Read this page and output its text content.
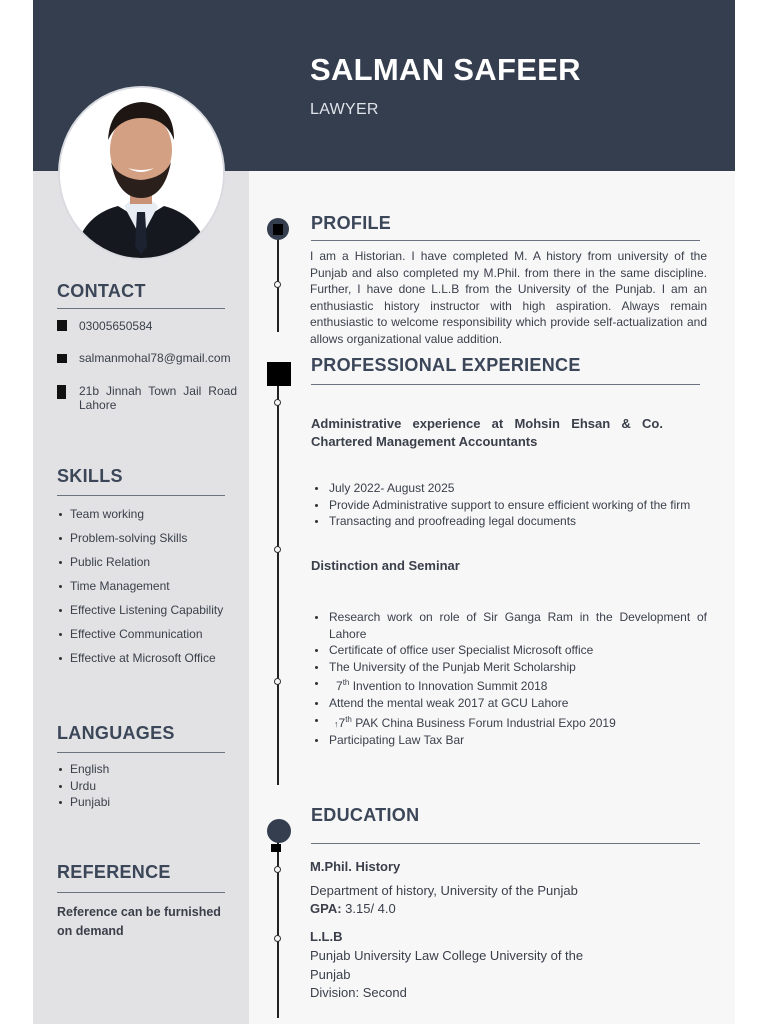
SALMAN SAFEER
LAWYER
CONTACT
03005650584
salmanmohal78@gmail.com
21b Jinnah Town Jail Road Lahore
SKILLS
Team working
Problem-solving Skills
Public Relation
Time Management
Effective Listening Capability
Effective Communication
Effective at Microsoft Office
LANGUAGES
English
Urdu
Punjabi
REFERENCE
Reference can be furnished on demand
PROFILE
I am a Historian. I have completed M. A history from university of the Punjab and also completed my M.Phil. from there in the same discipline. Further, I have done L.L.B from the University of the Punjab. I am an enthusiastic history instructor with high aspiration. Always remain enthusiastic to welcome responsibility which provide self-actualization and allows organizational value addition.
PROFESSIONAL EXPERIENCE
Administrative experience at Mohsin Ehsan & Co. Chartered Management Accountants
July 2022- August 2025
Provide Administrative support to ensure efficient working of the firm
Transacting and proofreading legal documents
Distinction and Seminar
Research work on role of Sir Ganga Ram in the Development of Lahore
Certificate of office user Specialist Microsoft office
The University of the Punjab Merit Scholarship
7th Invention to Innovation Summit 2018
Attend the mental weak 2017 at GCU Lahore
↑7th PAK China Business Forum Industrial Expo 2019
Participating Law Tax Bar
EDUCATION
M.Phil. History
Department of history, University of the Punjab
GPA: 3.15/ 4.0
L.L.B
Punjab University Law College University of the Punjab
Division: Second
